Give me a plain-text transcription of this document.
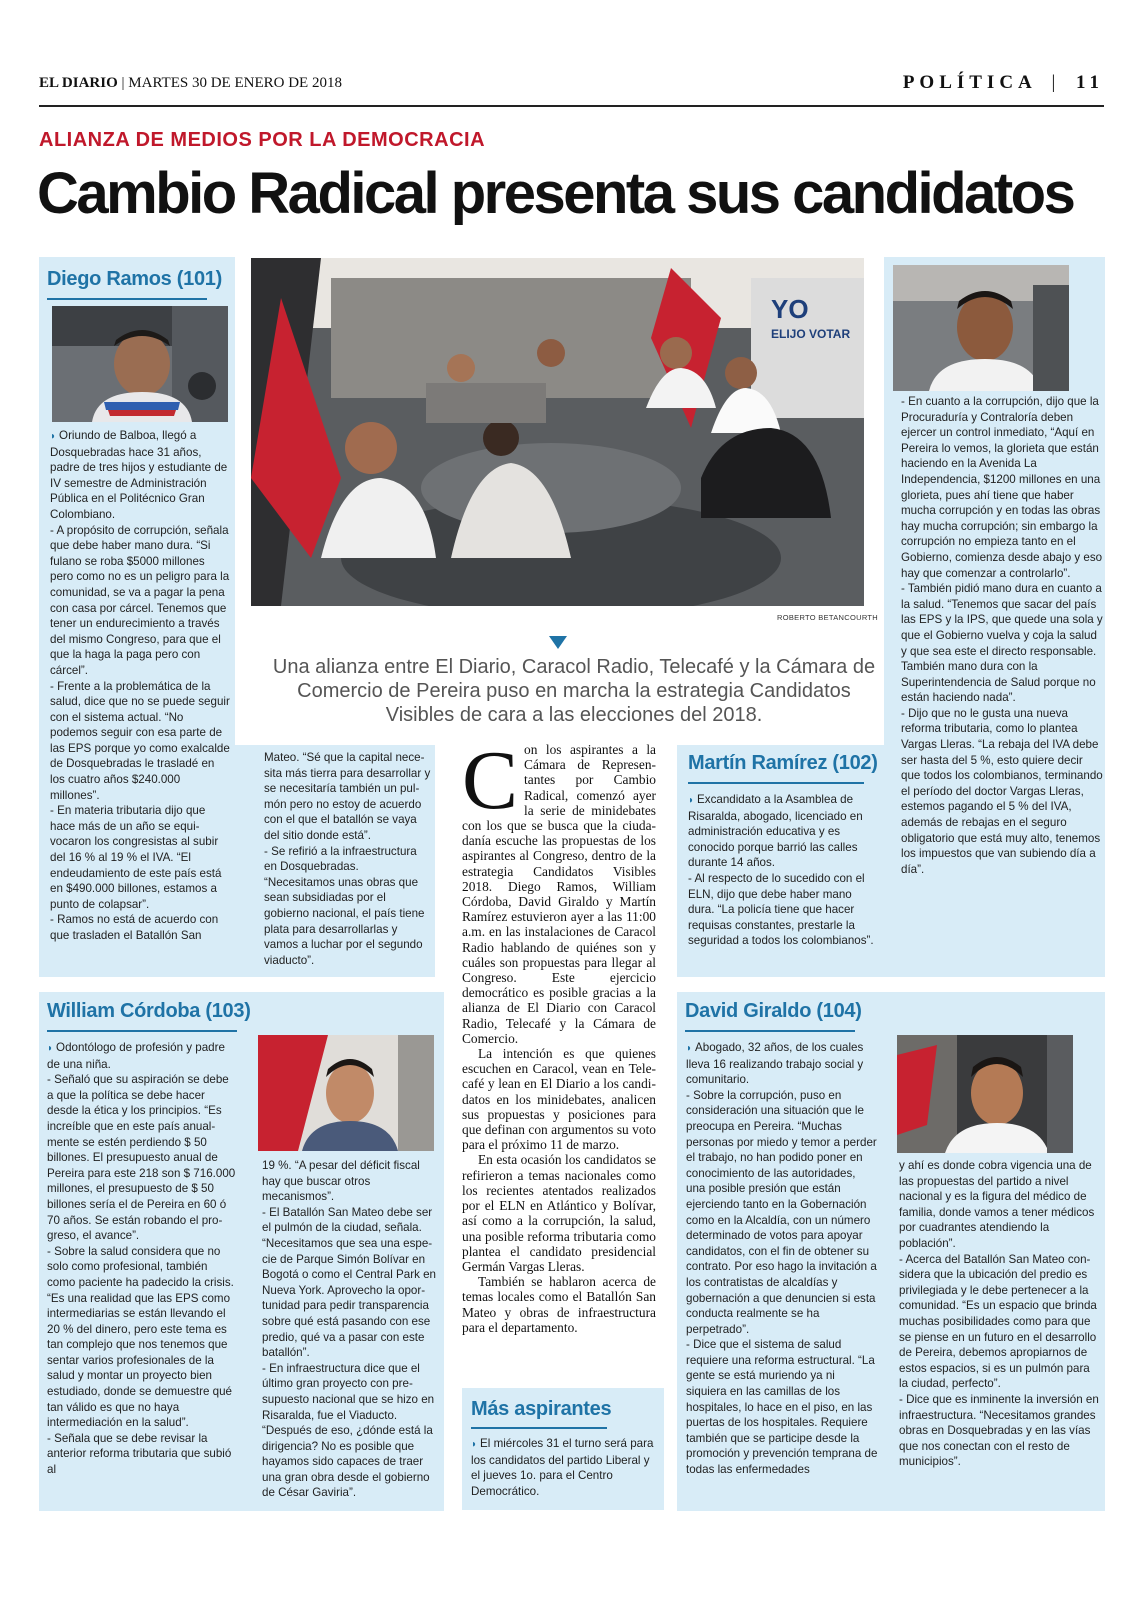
EL DIARIO | MARTES 30 DE ENERO DE 2018	POLÍTICA | 11
ALIANZA DE MEDIOS POR LA DEMOCRACIA
Cambio Radical presenta sus candidatos
Diego Ramos (101)

◗ Oriundo de Balboa, llegó a Dosquebradas hace 31 años, padre de tres hijos y estudiante de IV semestre de Administración Pública en el Politécnico Gran Colombiano.

- A propósito de corrupción, señala que debe haber mano dura. “Si fulano se roba $5000 millones pero como no es un peligro para la comunidad, se va a pagar la pena con casa por cárcel. Tenemos que tener un endurecimiento a través del mismo Congreso, para que el que la haga la paga pero con cárcel”.

- Frente a la problemática de la salud, dice que no se puede seguir con el sistema actual. “No podemos seguir con esa parte de las EPS porque yo como exalcalde de Dosquebradas le trasladé en los cuatro años $240.000 millones”.

- En materia tributaria dijo que hace más de un año se equivocaron los congresistas al subir del 16 % al 19 % el IVA. “El endeudamiento de este país está en $490.000 billones, estamos a punto de colapsar”.

- Ramos no está de acuerdo con que trasladen el Batallón San

Mateo. “Sé que la capital necesita más tierra para desarrollar y se necesitaría también un pulmón pero no estoy de acuerdo con el que el batallón se vaya del sitio donde está”.

- Se refirió a la infraestructura en Dosquebradas. “Necesitamos unas obras que sean subsidiadas por el gobierno nacional, el país tiene plata para desarrollarlas y vamos a luchar por el segundo viaducto”.

YO
ELIJO VOTAR
ROBERTO BETANCOURTH
Una alianza entre El Diario, Caracol Radio, Telecafé y la Cámara de Comercio de Pereira puso en marcha la estrategia Candidatos Visibles de cara a las elecciones del 2018.

- En cuanto a la corrupción, dijo que la Procuraduría y Contraloría deben ejercer un control inmediato, “Aquí en Pereira lo vemos, la glorieta que están haciendo en la Avenida La Independencia, $1200 millones en una glorieta, pues ahí tiene que haber mucha corrupción y en todas las obras hay mucha corrupción; sin embargo la corrupción no empieza tanto en el Gobierno, comienza desde abajo y eso hay que comenzar a controlarlo”.

- También pidió mano dura en cuanto a la salud. “Tenemos que sacar del país las EPS y la IPS, que quede una sola y que el Gobierno vuelva y coja la salud y que sea este el directo responsable. También mano dura con la Superintendencia de Salud porque no están haciendo nada”.

- Dijo que no le gusta una nueva reforma tributaria, como lo plantea Vargas Lleras. “La rebaja del IVA debe ser hasta del 5 %, esto quiere decir que todos los colombianos, terminando el período del doctor Vargas Lleras, estemos pagando el 5 % del IVA, además de rebajas en el seguro obligatorio que está muy alto, tenemos los impuestos que van subiendo día a día”.

Martín Ramírez (102)

◗ Excandidato a la Asamblea de Risaralda, abogado, licenciado en administración educativa y es conocido porque barrió las calles durante 14 años.

- Al respecto de lo sucedido con el ELN, dijo que debe haber mano dura. “La policía tiene que hacer requisas constantes, prestarle la seguridad a todos los colombianos”.

C on los aspirantes a la Cámara de Representantes por Cambio Radical, comenzó ayer la serie de minidebates con los que se busca que la ciudadanía escuche las propuestas de los aspirantes al Congreso, dentro de la estrategia Candidatos Visibles 2018. Diego Ramos, William Córdoba, David Giraldo y Martín Ramírez estuvieron ayer a las 11:00 a.m. en las instalaciones de Caracol Radio hablando de quiénes son y cuáles son propuestas para llegar al Congreso. Este ejercicio democrático es posible gracias a la alianza de El Diario con Caracol Radio, Telecafé y la Cámara de Comercio.

La intención es que quienes escuchen en Caracol, vean en Telecafé y lean en El Diario a los candidatos en los minidebates, analicen sus propuestas y posiciones para que definan con argumentos su voto para el próximo 11 de marzo.

En esta ocasión los candidatos se refirieron a temas nacionales como los recientes atentados realizados por el ELN en Atlántico y Bolívar, así como a la corrupción, la salud, una posible reforma tributaria como plantea el candidato presidencial Germán Vargas Lleras.

También se hablaron acerca de temas locales como el Batallón San Mateo y obras de infraestructura para el departamento.

Más aspirantes

◗ El miércoles 31 el turno será para los candidatos del partido Liberal y el jueves 1o. para el Centro Democrático.

William Córdoba (103)

◗ Odontólogo de profesión y padre de una niña.

- Señaló que su aspiración se debe a que la política se debe hacer desde la ética y los principios. “Es increíble que en este país anualmente se estén perdiendo $ 50 billones. El presupuesto anual de Pereira para este 218 son $ 716.000 millones, el presupuesto de $ 50 billones sería el de Pereira en 60 ó 70 años. Se están robando el progreso, el avance”.

- Sobre la salud considera que no solo como profesional, también como paciente ha padecido la crisis. “Es una realidad que las EPS como intermediarias se están llevando el 20 % del dinero, pero este tema es tan complejo que nos tenemos que sentar varios profesionales de la salud y montar un proyecto bien estudiado, donde se demuestre qué tan válido es que no haya intermediación en la salud”.

- Señala que se debe revisar la anterior reforma tributaria que subió al

19 %. “A pesar del déficit fiscal hay que buscar otros mecanismos”.

- El Batallón San Mateo debe ser el pulmón de la ciudad, señala. “Necesitamos que sea una especie de Parque Simón Bolívar en Bogotá o como el Central Park en Nueva York. Aprovecho la oportunidad para pedir transparencia sobre qué está pasando con ese predio, qué va a pasar con este batallón”.

- En infraestructura dice que el último gran proyecto con presupuesto nacional que se hizo en Risaralda, fue el Viaducto. “Después de eso, ¿dónde está la dirigencia? No es posible que hayamos sido capaces de traer una gran obra desde el gobierno de César Gaviria”.

David Giraldo (104)

◗ Abogado, 32 años, de los cuales lleva 16 realizando trabajo social y comunitario.

- Sobre la corrupción, puso en consideración una situación que le preocupa en Pereira. “Muchas personas por miedo y temor a perder el trabajo, no han podido poner en conocimiento de las autoridades, una posible presión que están ejerciendo tanto en la Gobernación como en la Alcaldía, con un número determinado de votos para apoyar candidatos, con el fin de obtener su contrato. Por eso hago la invitación a los contratistas de alcaldías y gobernación a que denuncien si esta conducta realmente se ha perpetrado”.

- Dice que el sistema de salud requiere una reforma estructural. “La gente se está muriendo ya ni siquiera en las camillas de los hospitales, lo hace en el piso, en las puertas de los hospitales. Requiere también que se participe desde la promoción y prevención temprana de todas las enfermedades

y ahí es donde cobra vigencia una de las propuestas del partido a nivel nacional y es la figura del médico de familia, donde vamos a tener médicos por cuadrantes atendiendo la población”.

- Acerca del Batallón San Mateo considera que la ubicación del predio es privilegiada y le debe pertenecer a la comunidad. “Es un espacio que brinda muchas posibilidades como para que se piense en un futuro en el desarrollo de Pereira, debemos apropiarnos de estos espacios, si es un pulmón para la ciudad, perfecto”.

- Dice que es inminente la inversión en infraestructura. “Necesitamos grandes obras en Dosquebradas y en las vías que nos conectan con el resto de municipios”.
